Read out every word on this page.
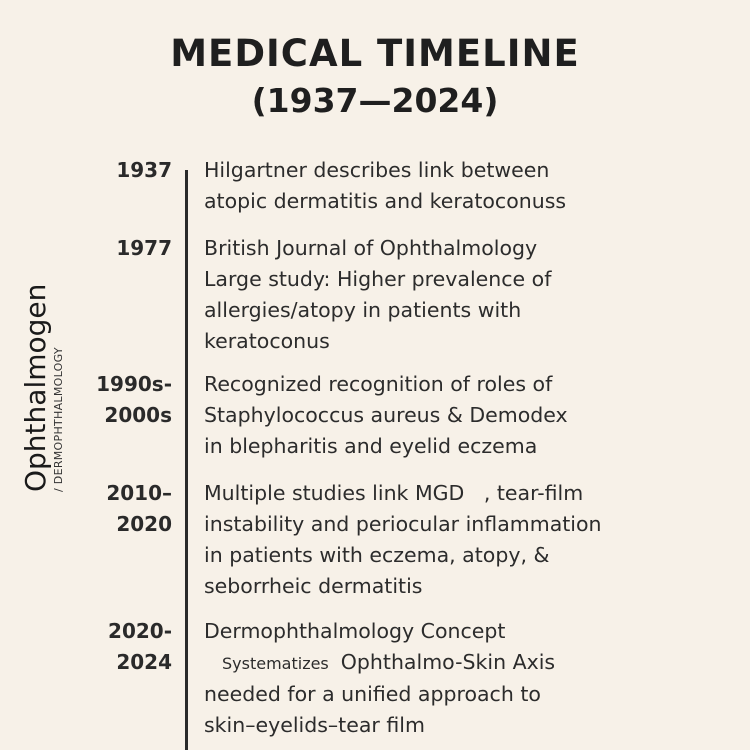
MEDICAL TIMELINE
(1937—2024)
Ophthalmogen / DERMOPHTHALMOLOGY
1937 Hilgartner describes link between
atopic dermatitis and keratoconuss
1977 British Journal of Ophthalmology
Large study: Higher prevalence of
allergies/atopy in patients with
keratoconus
1990s-
2000s
Recognized recognition of roles of
Staphylococcus aureus & Demodex
in blepharitis and eyelid eczema
2010–
2020
Multiple studies link MGD   , tear-film
instability and periocular inflammation
in patients with eczema, atopy, &
seborrheic dermatitis
2020-
2024
Dermophthalmology Concept
Systematizes Ophthalmo-Skin Axis
needed for a unified approach to
skin–eyelids–tear film
